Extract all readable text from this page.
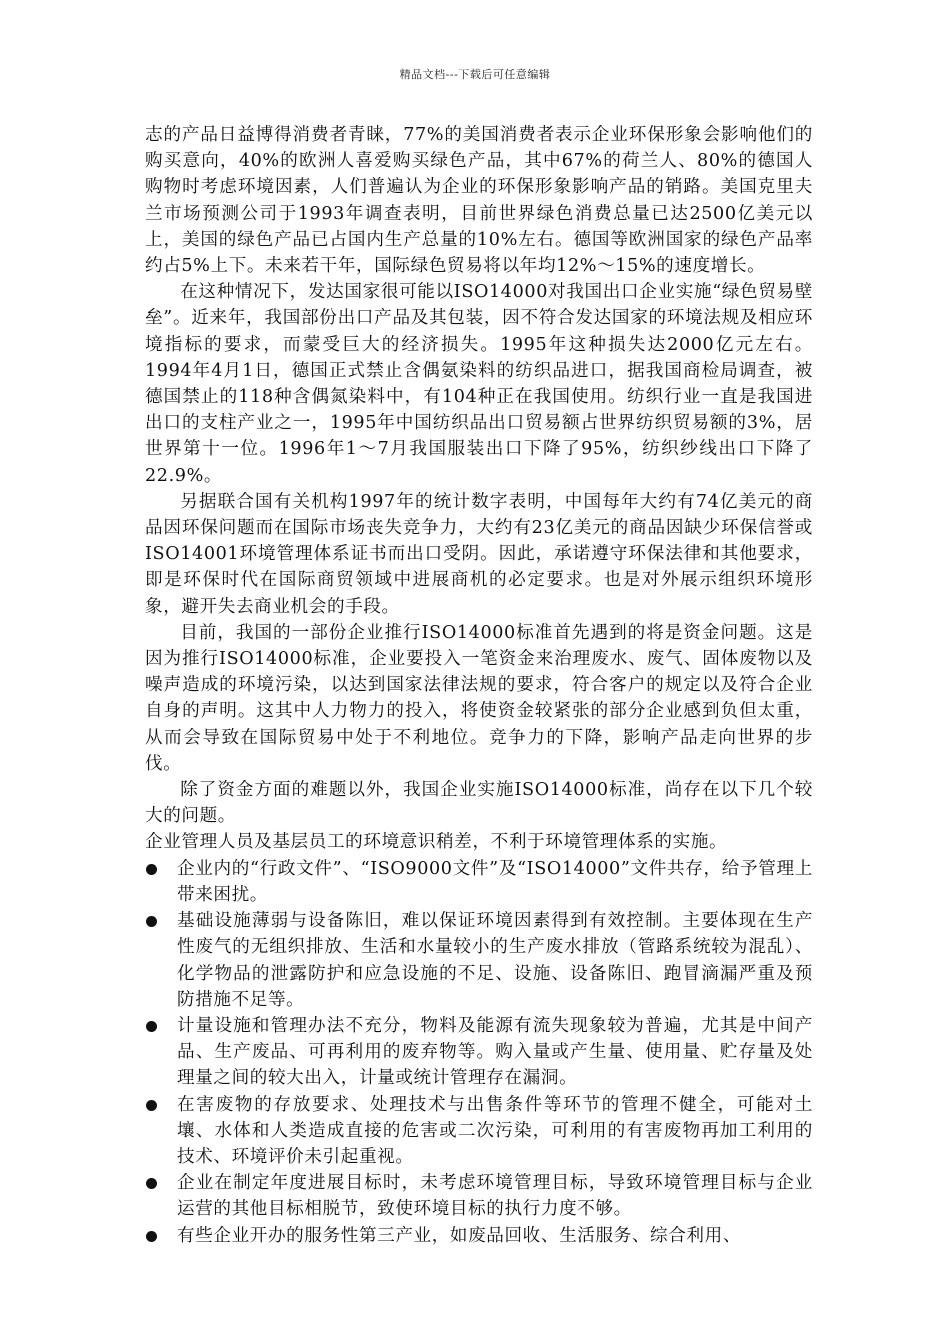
精品文档---下载后可任意编辑

志的产品日益博得消费者青睐，77%的美国消费者表示企业环保形象会影响他们的购买意向，40%的欧洲人喜爱购买绿色产品，其中67%的荷兰人、80%的德国人购物时考虑环境因素，人们普遍认为企业的环保形象影响产品的销路。美国克里夫兰市场预测公司于1993年调查表明，目前世界绿色消费总量已达2500亿美元以上，美国的绿色产品已占国内生产总量的10%左右。德国等欧洲国家的绿色产品率约占5%上下。未来若干年，国际绿色贸易将以年均12%～15%的速度增长。

在这种情况下，发达国家很可能以ISO14000对我国出口企业实施“绿色贸易壁垒”。近来年，我国部份出口产品及其包装，因不符合发达国家的环境法规及相应环境指标的要求，而蒙受巨大的经济损失。1995年这种损失达2000亿元左右。1994年4月1日，德国正式禁止含偶氨染料的纺织品进口，据我国商检局调查，被德国禁止的118种含偶氮染料中，有104种正在我国使用。纺织行业一直是我国进出口的支柱产业之一，1995年中国纺织品出口贸易额占世界纺织贸易额的3%，居世界第十一位。1996年1～7月我国服装出口下降了95%，纺织纱线出口下降了22.9%。

另据联合国有关机构1997年的统计数字表明，中国每年大约有74亿美元的商品因环保问题而在国际市场丧失竞争力，大约有23亿美元的商品因缺少环保信誉或ISO14001环境管理体系证书而出口受阴。因此，承诺遵守环保法律和其他要求，即是环保时代在国际商贸领域中进展商机的必定要求。也是对外展示组织环境形象，避开失去商业机会的手段。

目前，我国的一部份企业推行ISO14000标准首先遇到的将是资金问题。这是因为推行ISO14000标准，企业要投入一笔资金来治理废水、废气、固体废物以及噪声造成的环境污染，以达到国家法律法规的要求，符合客户的规定以及符合企业自身的声明。这其中人力物力的投入，将使资金较紧张的部分企业感到负但太重，从而会导致在国际贸易中处于不利地位。竞争力的下降，影响产品走向世界的步伐。

除了资金方面的难题以外，我国企业实施ISO14000标准，尚存在以下几个较大的问题。

企业管理人员及基层员工的环境意识稍差，不利于环境管理体系的实施。

企业内的“行政文件”、“ISO9000文件”及“ISO14000”文件共存，给予管理上带来困扰。
基础设施薄弱与设备陈旧，难以保证环境因素得到有效控制。主要体现在生产性废气的无组织排放、生活和水量较小的生产废水排放（管路系统较为混乱）、化学物品的泄露防护和应急设施的不足、设施、设备陈旧、跑冒滴漏严重及预防措施不足等。
计量设施和管理办法不充分，物料及能源有流失现象较为普遍，尤其是中间产品、生产废品、可再利用的废弃物等。购入量或产生量、使用量、贮存量及处理量之间的较大出入，计量或统计管理存在漏洞。
在害废物的存放要求、处理技术与出售条件等环节的管理不健全，可能对土壤、水体和人类造成直接的危害或二次污染，可利用的有害废物再加工利用的技术、环境评价未引起重视。
企业在制定年度进展目标时，未考虑环境管理目标，导致环境管理目标与企业运营的其他目标相脱节，致使环境目标的执行力度不够。
有些企业开办的服务性第三产业，如废品回收、生活服务、综合利用、
